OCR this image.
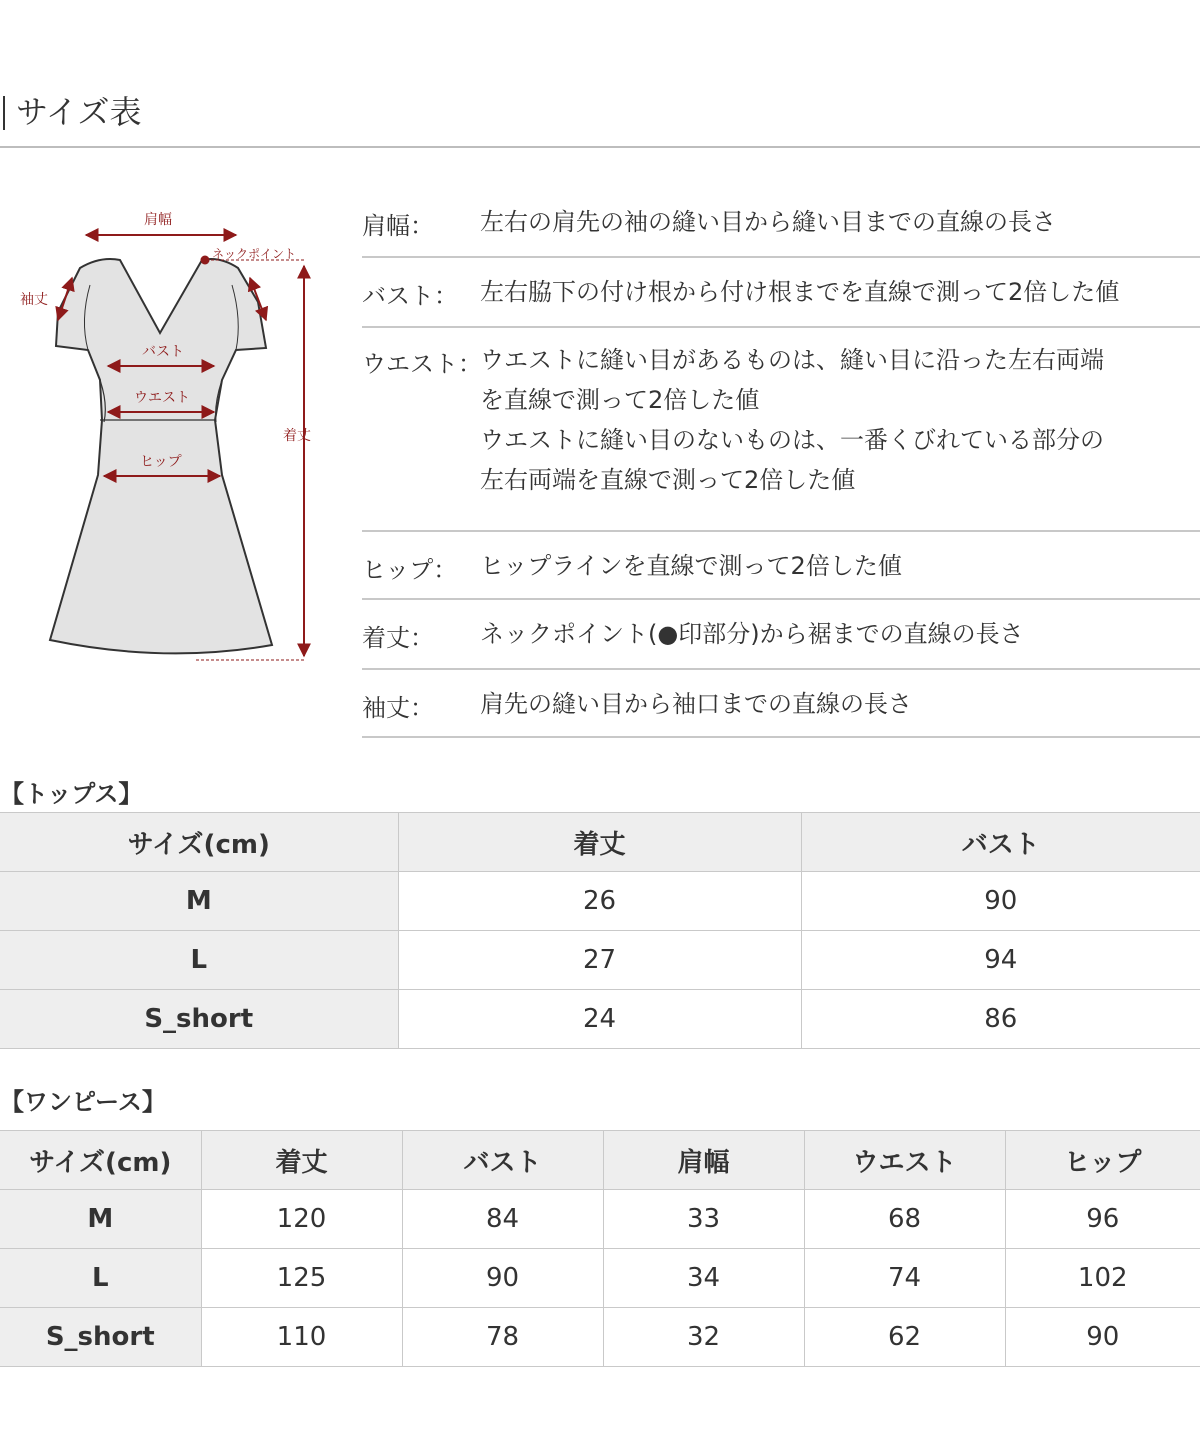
サイズ表
肩幅
ネックポイント
袖丈
バスト
ウエスト
ヒップ
着丈
肩幅： 左右の肩先の袖の縫い目から縫い目までの直線の長さ
バスト： 左右脇下の付け根から付け根までを直線で測って2倍した値
ウエスト：
ウエストに縫い目があるものは、縫い目に沿った左右両端
を直線で測って2倍した値
ウエストに縫い目のないものは、一番くびれている部分の
左右両端を直線で測って2倍した値
ヒップ： ヒップラインを直線で測って2倍した値
着丈： ネックポイント(●印部分)から裾までの直線の長さ
袖丈： 肩先の縫い目から袖口までの直線の長さ
【トップス】
サイズ(cm)	着丈	バスト
M	26	90
L	27	94
S_short	24	86
【ワンピース】
サイズ(cm)	着丈	バスト	肩幅	ウエスト	ヒップ
M	120	84	33	68	96
L	125	90	34	74	102
S_short	110	78	32	62	90
